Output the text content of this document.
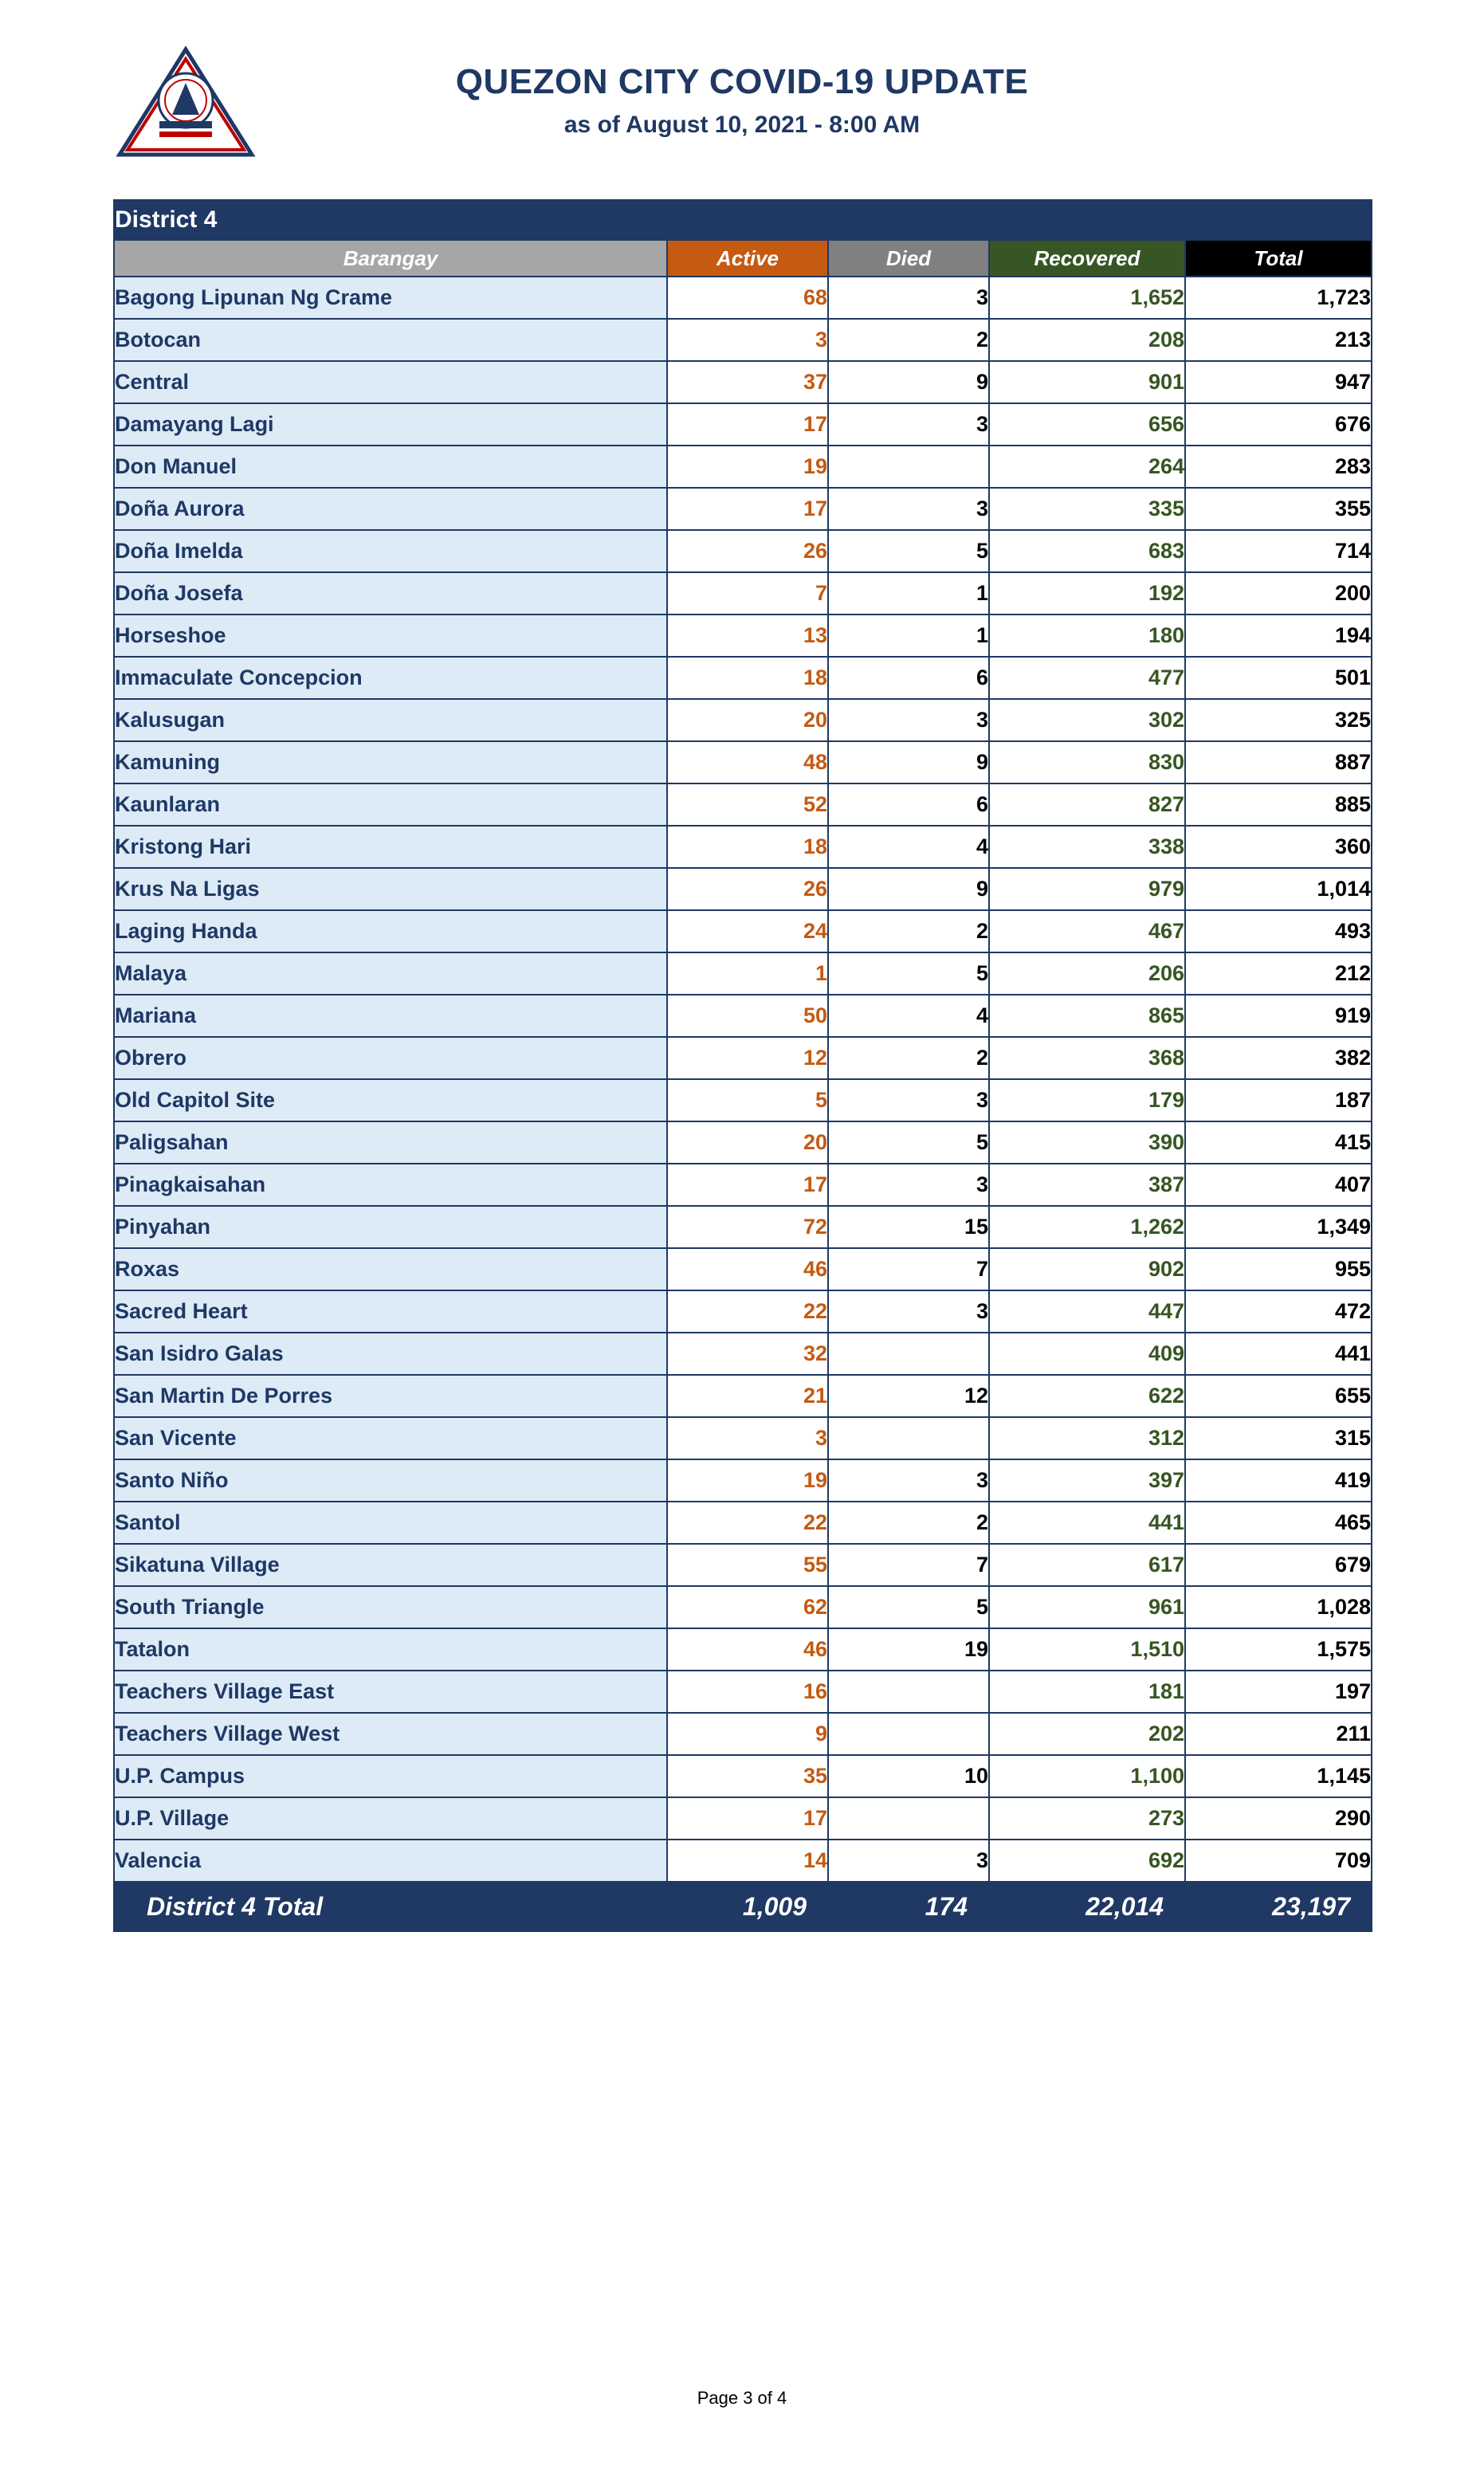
QUEZON CITY COVID-19 UPDATE
as of August 10, 2021 - 8:00 AM
District 4				
Barangay	Active	Died	Recovered	Total
Bagong Lipunan Ng Crame	68	3	1,652	1,723
Botocan	3	2	208	213
Central	37	9	901	947
Damayang Lagi	17	3	656	676
Don Manuel	19		264	283
Doña Aurora	17	3	335	355
Doña Imelda	26	5	683	714
Doña Josefa	7	1	192	200
Horseshoe	13	1	180	194
Immaculate Concepcion	18	6	477	501
Kalusugan	20	3	302	325
Kamuning	48	9	830	887
Kaunlaran	52	6	827	885
Kristong Hari	18	4	338	360
Krus Na Ligas	26	9	979	1,014
Laging Handa	24	2	467	493
Malaya	1	5	206	212
Mariana	50	4	865	919
Obrero	12	2	368	382
Old Capitol Site	5	3	179	187
Paligsahan	20	5	390	415
Pinagkaisahan	17	3	387	407
Pinyahan	72	15	1,262	1,349
Roxas	46	7	902	955
Sacred Heart	22	3	447	472
San Isidro Galas	32		409	441
San Martin De Porres	21	12	622	655
San Vicente	3		312	315
Santo Niño	19	3	397	419
Santol	22	2	441	465
Sikatuna Village	55	7	617	679
South Triangle	62	5	961	1,028
Tatalon	46	19	1,510	1,575
Teachers Village East	16		181	197
Teachers Village West	9		202	211
U.P. Campus	35	10	1,100	1,145
U.P. Village	17		273	290
Valencia	14	3	692	709
District 4 Total	1,009	174	22,014	23,197
Page 3 of 4
